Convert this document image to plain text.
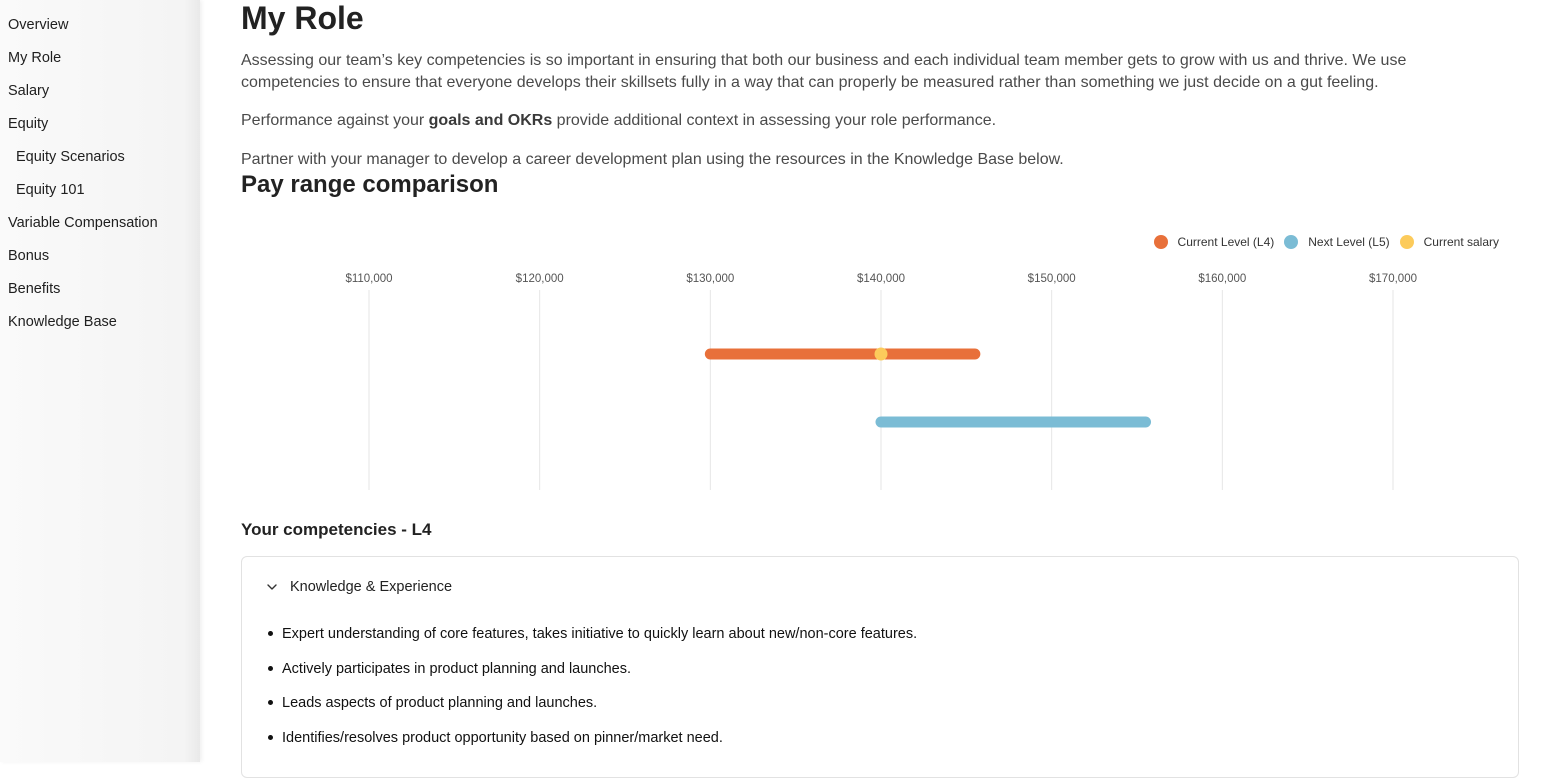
Overview
My Role
Salary
Equity
Equity Scenarios
Equity 101
Variable Compensation
Bonus
Benefits
Knowledge Base
My Role

Assessing our team’s key competencies is so important in ensuring that both our business and each individual team member gets to grow with us and thrive. We use competencies to ensure that everyone develops their skillsets fully in a way that can properly be measured rather than something we just decide on a gut feeling.

Performance against your goals and OKRs provide additional context in assessing your role performance.

Partner with your manager to develop a career development plan using the resources in the Knowledge Base below.

Pay range comparison
Current Level (L4)	Next Level (L5)	Current salary
$110,000	$120,000	$130,000	$140,000	$150,000	$160,000	$170,000
Your competencies - L4
Knowledge & Experience
Expert understanding of core features, takes initiative to quickly learn about new/non-core features.
Actively participates in product planning and launches.
Leads aspects of product planning and launches.
Identifies/resolves product opportunity based on pinner/market need.
